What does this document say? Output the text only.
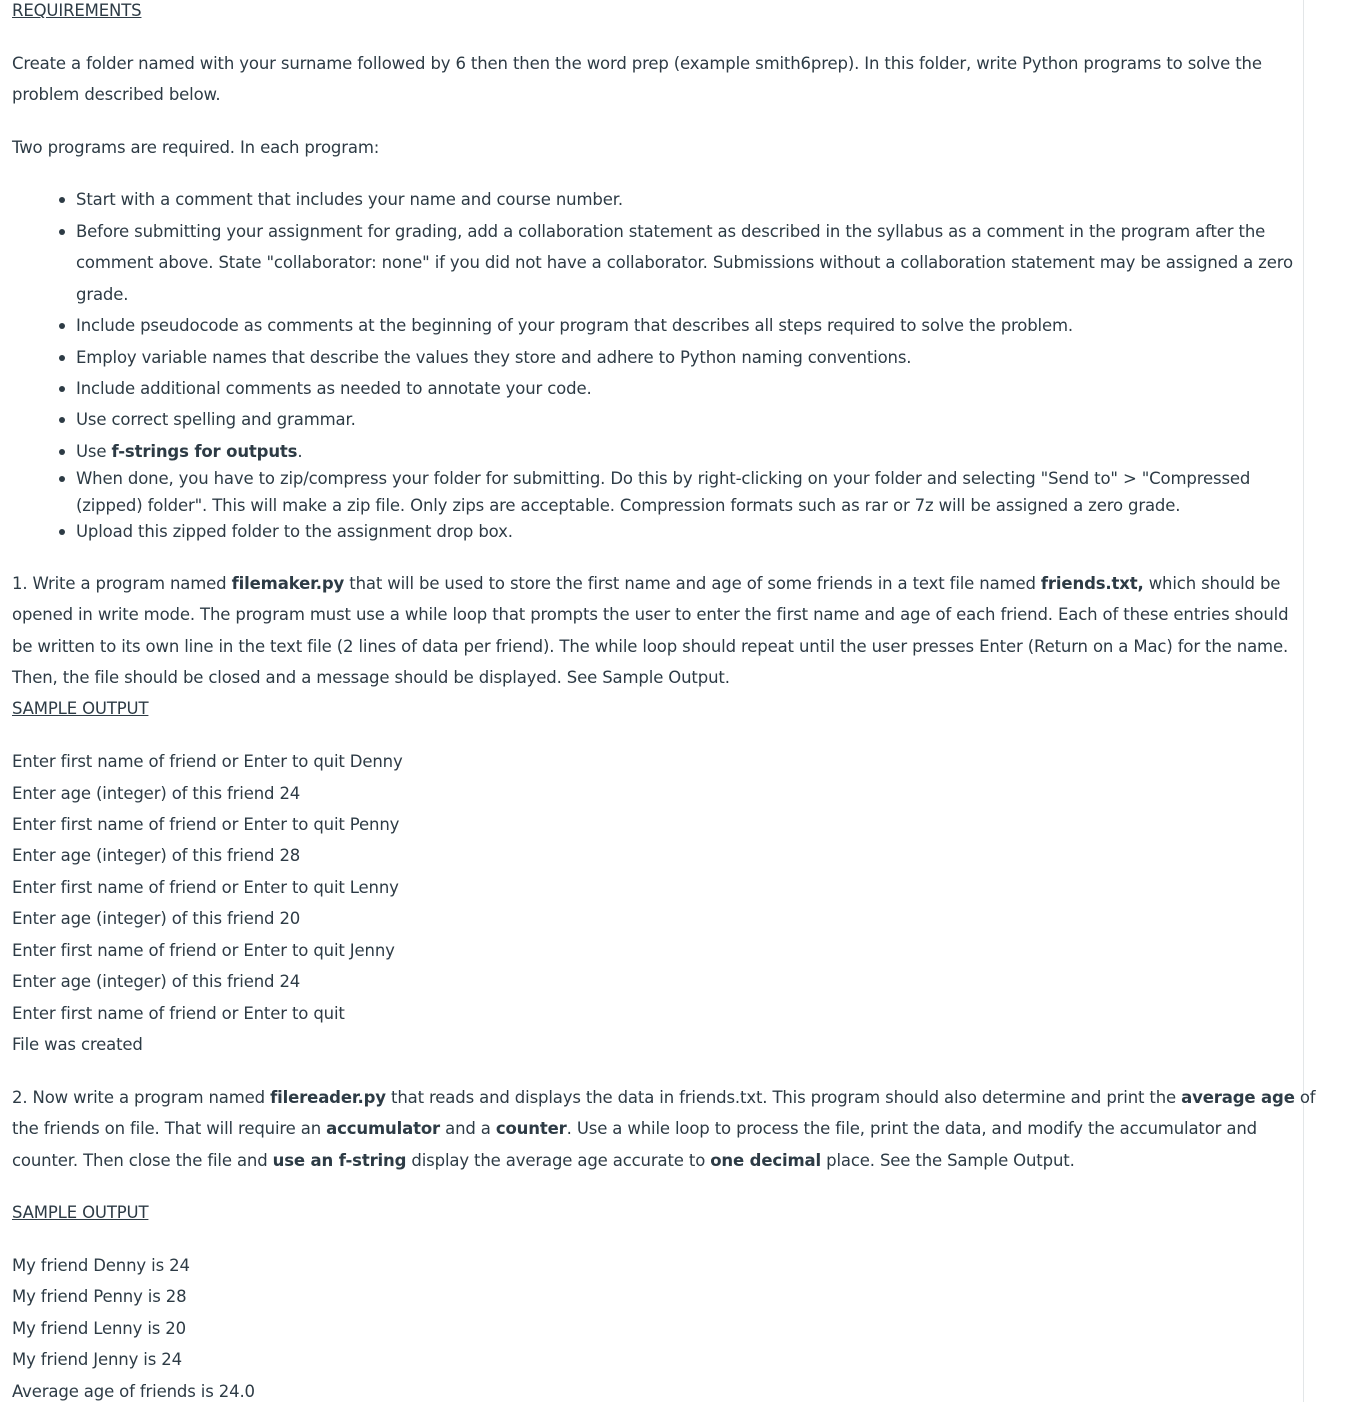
REQUIREMENTS
Create a folder named with your surname followed by 6 then then the word prep (example smith6prep). In this folder, write Python programs to solve the
problem described below.
Two programs are required. In each program:
Start with a comment that includes your name and course number.
Before submitting your assignment for grading, add a collaboration statement as described in the syllabus as a comment in the program after the
comment above. State "collaborator: none" if you did not have a collaborator. Submissions without a collaboration statement may be assigned a zero
grade.
Include pseudocode as comments at the beginning of your program that describes all steps required to solve the problem.
Employ variable names that describe the values they store and adhere to Python naming conventions.
Include additional comments as needed to annotate your code.
Use correct spelling and grammar.
Use f-strings for outputs.
When done, you have to zip/compress your folder for submitting. Do this by right-clicking on your folder and selecting "Send to" > "Compressed
(zipped) folder". This will make a zip file. Only zips are acceptable. Compression formats such as rar or 7z will be assigned a zero grade.
Upload this zipped folder to the assignment drop box.
1. Write a program named filemaker.py that will be used to store the first name and age of some friends in a text file named friends.txt, which should be
opened in write mode. The program must use a while loop that prompts the user to enter the first name and age of each friend. Each of these entries should
be written to its own line in the text file (2 lines of data per friend). The while loop should repeat until the user presses Enter (Return on a Mac) for the name.
Then, the file should be closed and a message should be displayed. See Sample Output.
SAMPLE OUTPUT
Enter first name of friend or Enter to quit Denny
Enter age (integer) of this friend 24
Enter first name of friend or Enter to quit Penny
Enter age (integer) of this friend 28
Enter first name of friend or Enter to quit Lenny
Enter age (integer) of this friend 20
Enter first name of friend or Enter to quit Jenny
Enter age (integer) of this friend 24
Enter first name of friend or Enter to quit
File was created
2. Now write a program named filereader.py that reads and displays the data in friends.txt. This program should also determine and print the average age of
the friends on file. That will require an accumulator and a counter. Use a while loop to process the file, print the data, and modify the accumulator and
counter. Then close the file and use an f-string display the average age accurate to one decimal place. See the Sample Output.
SAMPLE OUTPUT
My friend Denny is 24
My friend Penny is 28
My friend Lenny is 20
My friend Jenny is 24
Average age of friends is 24.0
